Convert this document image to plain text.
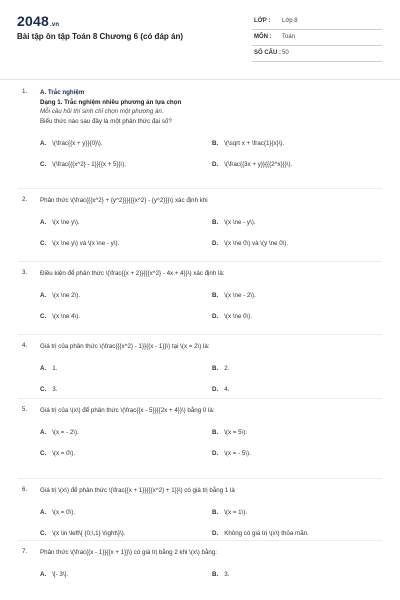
2048.vn
Bài tập ôn tập Toán 8 Chương 6 (có đáp án)
LỚP : Lớp 8
MÔN : Toán
SỐ CÂU : 50
1. A. Trắc nghiệm
Dạng 1. Trắc nghiệm nhiều phương án lựa chọn
Mỗi câu hỏi thí sinh chỉ chọn một phương án.
Biểu thức nào sau đây là một phân thức đại số?
A. \(\frac{{x + y}}{0}\).	B. \(\sqrt x + \frac{1}{x}\).
C. \(\frac{{{x^2} - 1}}{{x + 5}}\).	D. \(\frac{{3x + y}}{{{2^x}}}\).
2. Phân thức \(\frac{{{x^2} + {y^2}}}{{{x^2} - {y^2}}}\) xác định khi
A. \(x \ne y\).	B. \(x \ne - y\).
C. \(x \ne y\) và \(x \ne - y\).	D. \(x \ne 0\) và \(y \ne 0\).
3. Điều kiện để phân thức \(\frac{{x + 2}}{{{x^2} - 4x + 4}}\) xác định là:
A. \(x \ne 2\).	B. \(x \ne - 2\).
C. \(x \ne 4\).	D. \(x \ne 0\).
4. Giá trị của phân thức \(\frac{{{x^2} - 1}}{{x - 1}}\) tại \(x = 2\) là:
A. 1.	B. 2.
C. 3.	D. 4.
5. Giá trị của \(x\) để phân thức \(\frac{{x - 5}}{{2x + 4}}\) bằng 0 là:
A. \(x = - 2\).	B. \(x = 5\).
C. \(x = 0\).	D. \(x = - 5\).
6. Giá trị \(x\) để phân thức \(\frac{{x + 1}}{{{x^2} + 1}}\) có giá trị bằng 1 là
A. \(x = 0\).	B. \(x = 1\).
C. \(x \in \left\{ {0;\,1} \right\}\).	D. Không có giá trị \(x\) thỏa mãn.
7. Phân thức \(\frac{{x - 1}}{{x + 1}}\) có giá trị bằng 2 khi \(x\) bằng:
A. \[- 3\].	B. 3.
